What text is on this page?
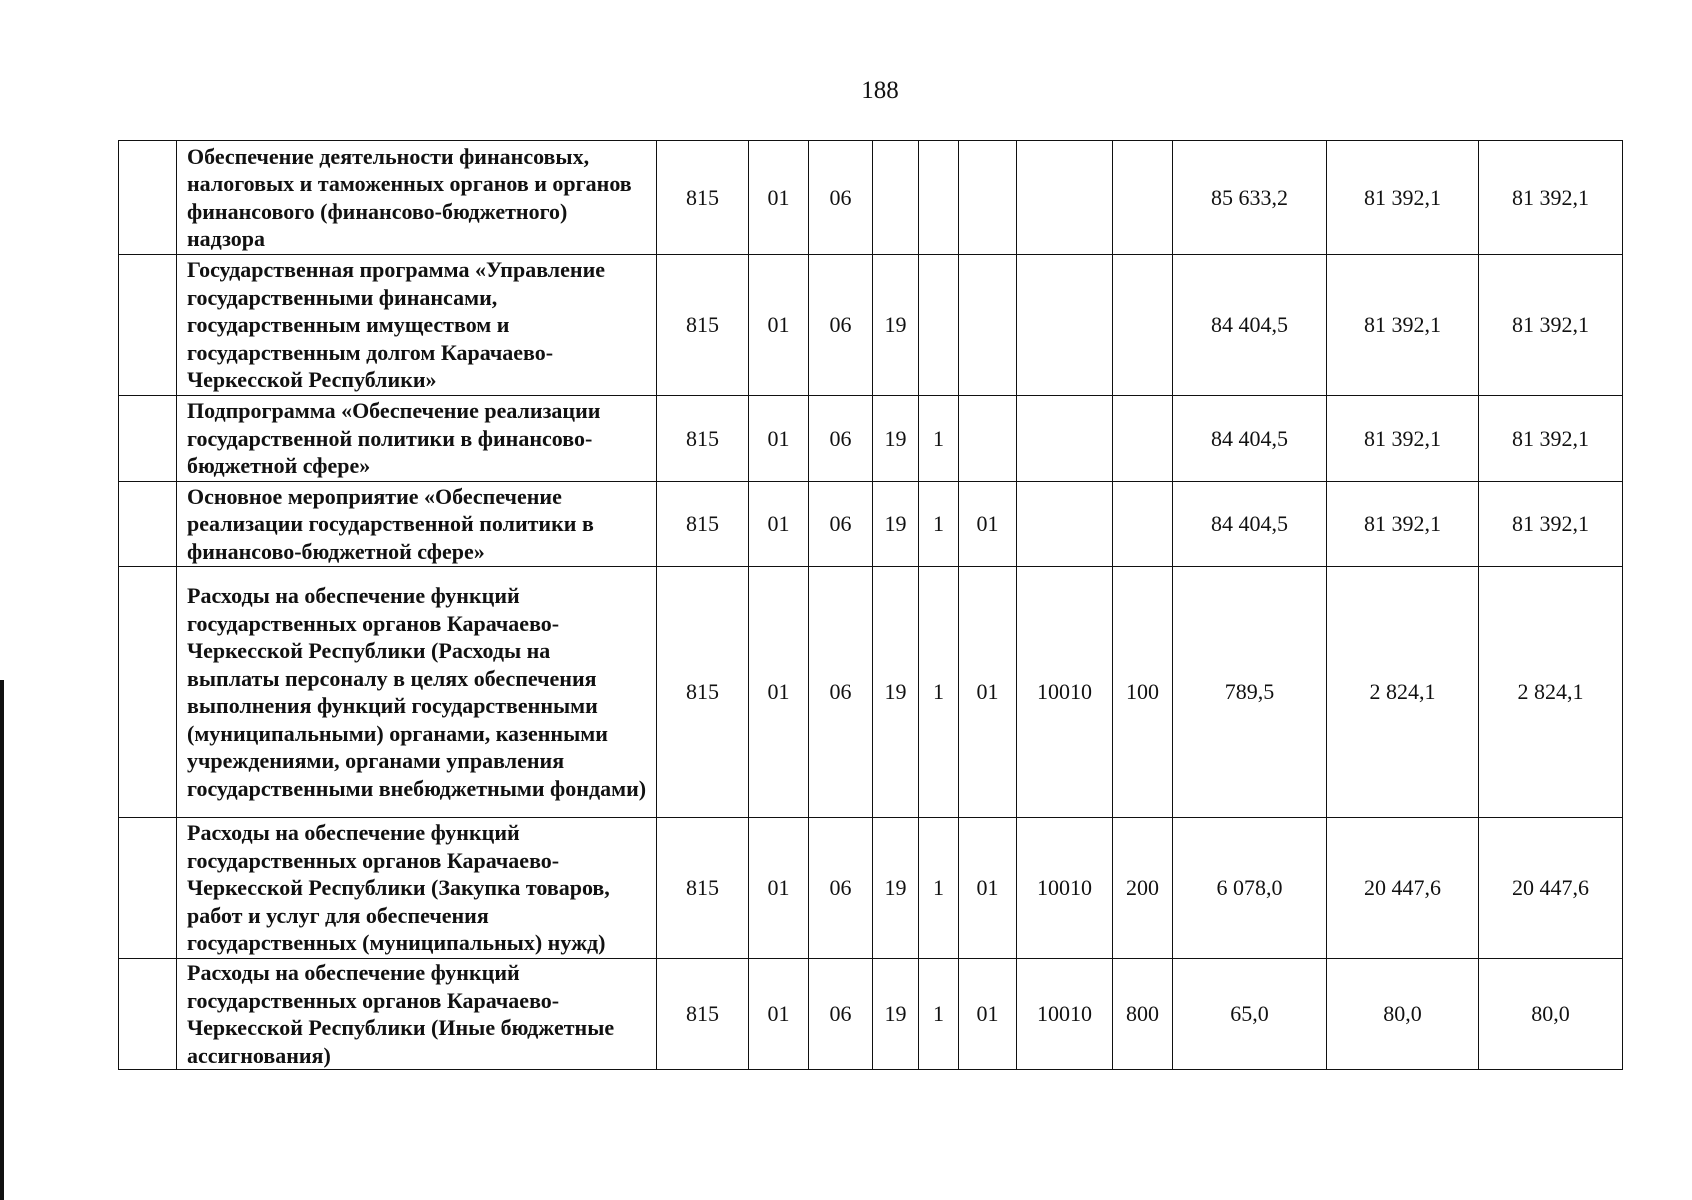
188
	Обеспечение деятельности финансовых, налоговых и таможенных органов и органов финансового (финансово-бюджетного) надзора	815	01	06						85 633,2	81 392,1	81 392,1
	Государственная программа «Управление государственными финансами, государственным имуществом и государственным долгом Карачаево-Черкесской Республики»	815	01	06	19					84 404,5	81 392,1	81 392,1
	Подпрограмма «Обеспечение реализации государственной политики в финансово-бюджетной сфере»	815	01	06	19	1				84 404,5	81 392,1	81 392,1
	Основное мероприятие «Обеспечение реализации государственной политики в финансово-бюджетной сфере»	815	01	06	19	1	01			84 404,5	81 392,1	81 392,1
	Расходы на обеспечение функций государственных органов Карачаево-Черкесской Республики (Расходы на выплаты персоналу в целях обеспечения выполнения функций государственными (муниципальными) органами, казенными учреждениями, органами управления государственными внебюджетными фондами)	815	01	06	19	1	01	10010	100	789,5	2 824,1	2 824,1
	Расходы на обеспечение функций государственных органов Карачаево-Черкесской Республики (Закупка товаров, работ и услуг для обеспечения государственных (муниципальных) нужд)	815	01	06	19	1	01	10010	200	6 078,0	20 447,6	20 447,6
	Расходы на обеспечение функций государственных органов Карачаево-Черкесской Республики (Иные бюджетные ассигнования)	815	01	06	19	1	01	10010	800	65,0	80,0	80,0
